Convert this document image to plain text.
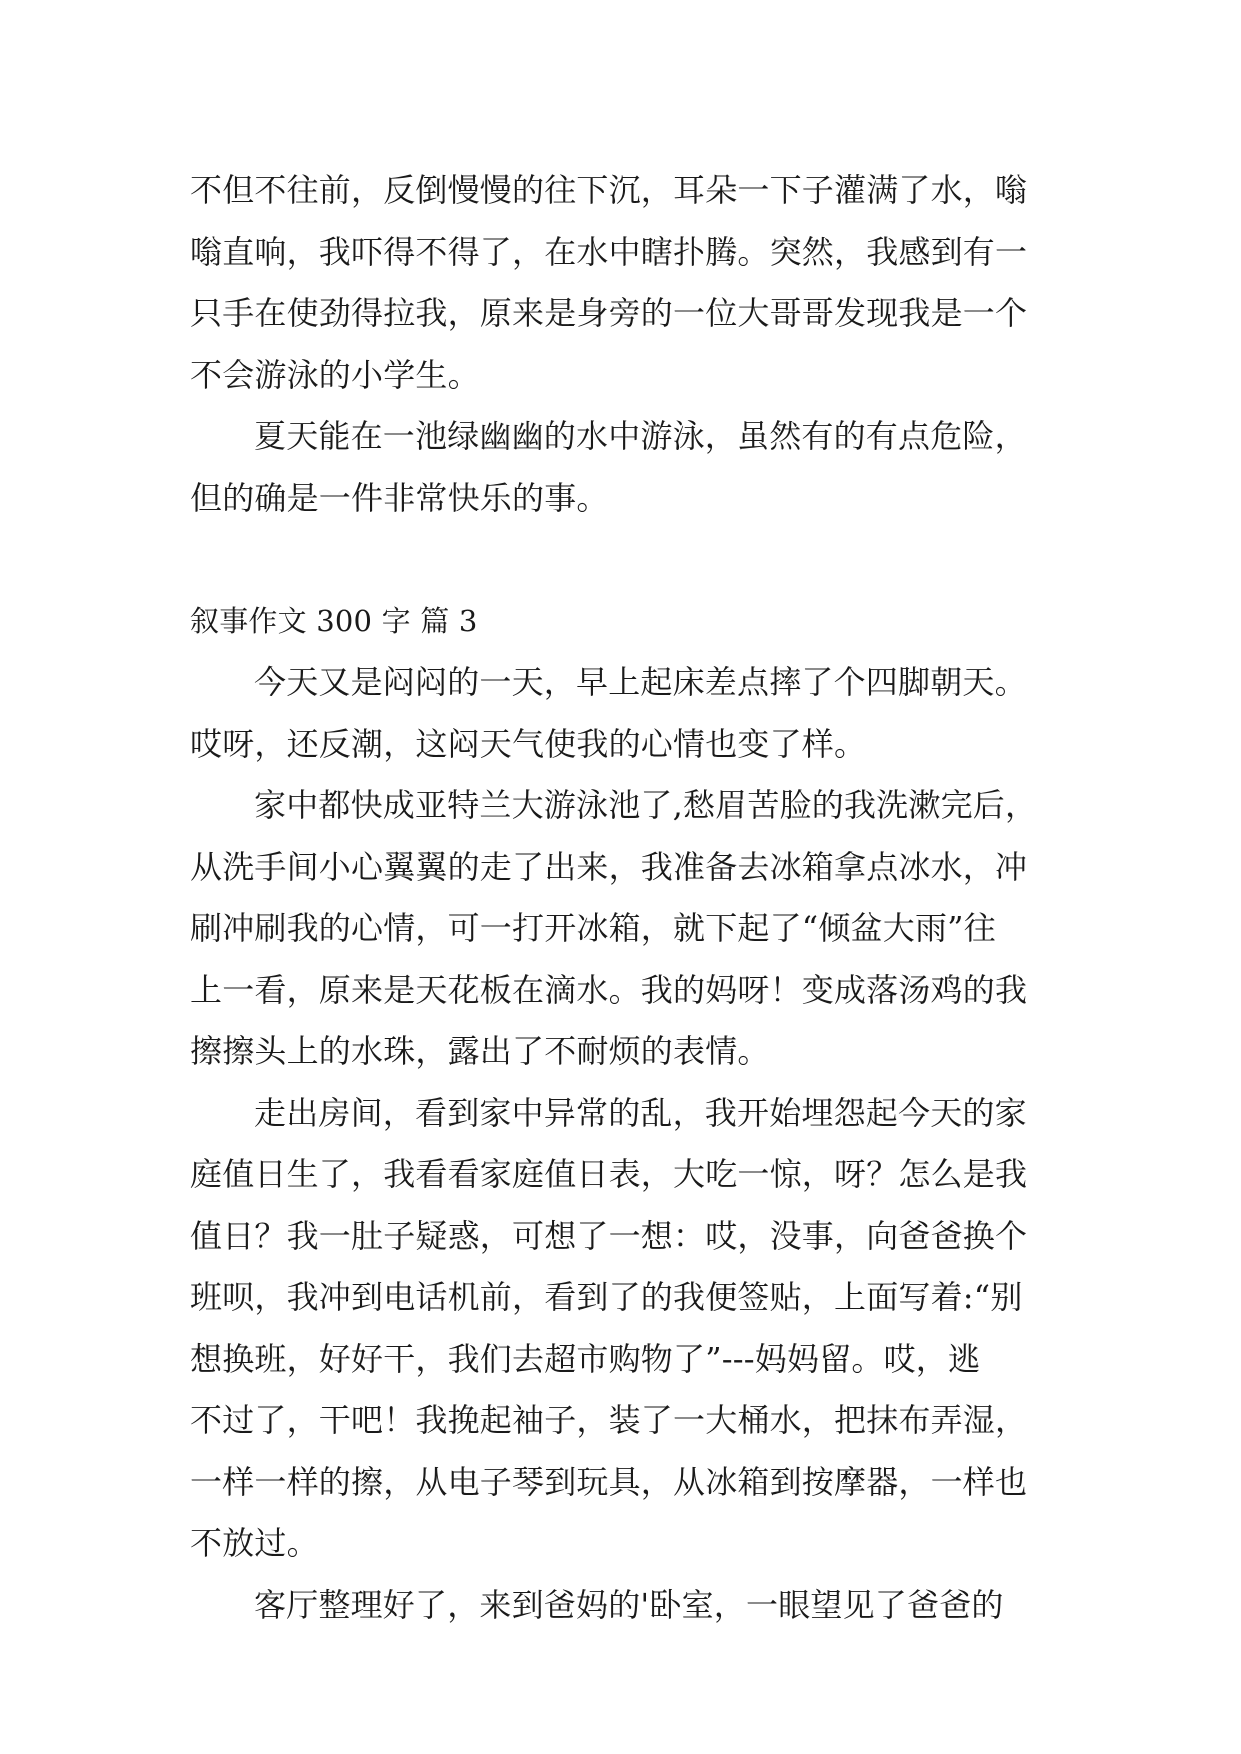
不但不往前，反倒慢慢的往下沉，耳朵一下子灌满了水，嗡
嗡直响，我吓得不得了，在水中瞎扑腾。突然，我感到有一
只手在使劲得拉我，原来是身旁的一位大哥哥发现我是一个
不会游泳的小学生。
夏天能在一池绿幽幽的水中游泳，虽然有的有点危险，
但的确是一件非常快乐的事。
叙事作文 300 字 篇 3
今天又是闷闷的一天，早上起床差点摔了个四脚朝天。
哎呀，还反潮，这闷天气使我的心情也变了样。
家中都快成亚特兰大游泳池了,愁眉苦脸的我洗漱完后，
从洗手间小心翼翼的走了出来，我准备去冰箱拿点冰水，冲
刷冲刷我的心情，可一打开冰箱，就下起了“倾盆大雨”往
上一看，原来是天花板在滴水。我的妈呀！变成落汤鸡的我
擦擦头上的水珠，露出了不耐烦的表情。
走出房间，看到家中异常的乱，我开始埋怨起今天的家
庭值日生了，我看看家庭值日表，大吃一惊，呀？怎么是我
值日？我一肚子疑惑，可想了一想：哎，没事，向爸爸换个
班呗，我冲到电话机前，看到了的我便签贴，上面写着:“别
想换班，好好干，我们去超市购物了”---妈妈留。哎，逃
不过了，干吧！我挽起袖子，装了一大桶水，把抹布弄湿，
一样一样的擦，从电子琴到玩具，从冰箱到按摩器，一样也
不放过。
客厅整理好了，来到爸妈的'卧室，一眼望见了爸爸的
